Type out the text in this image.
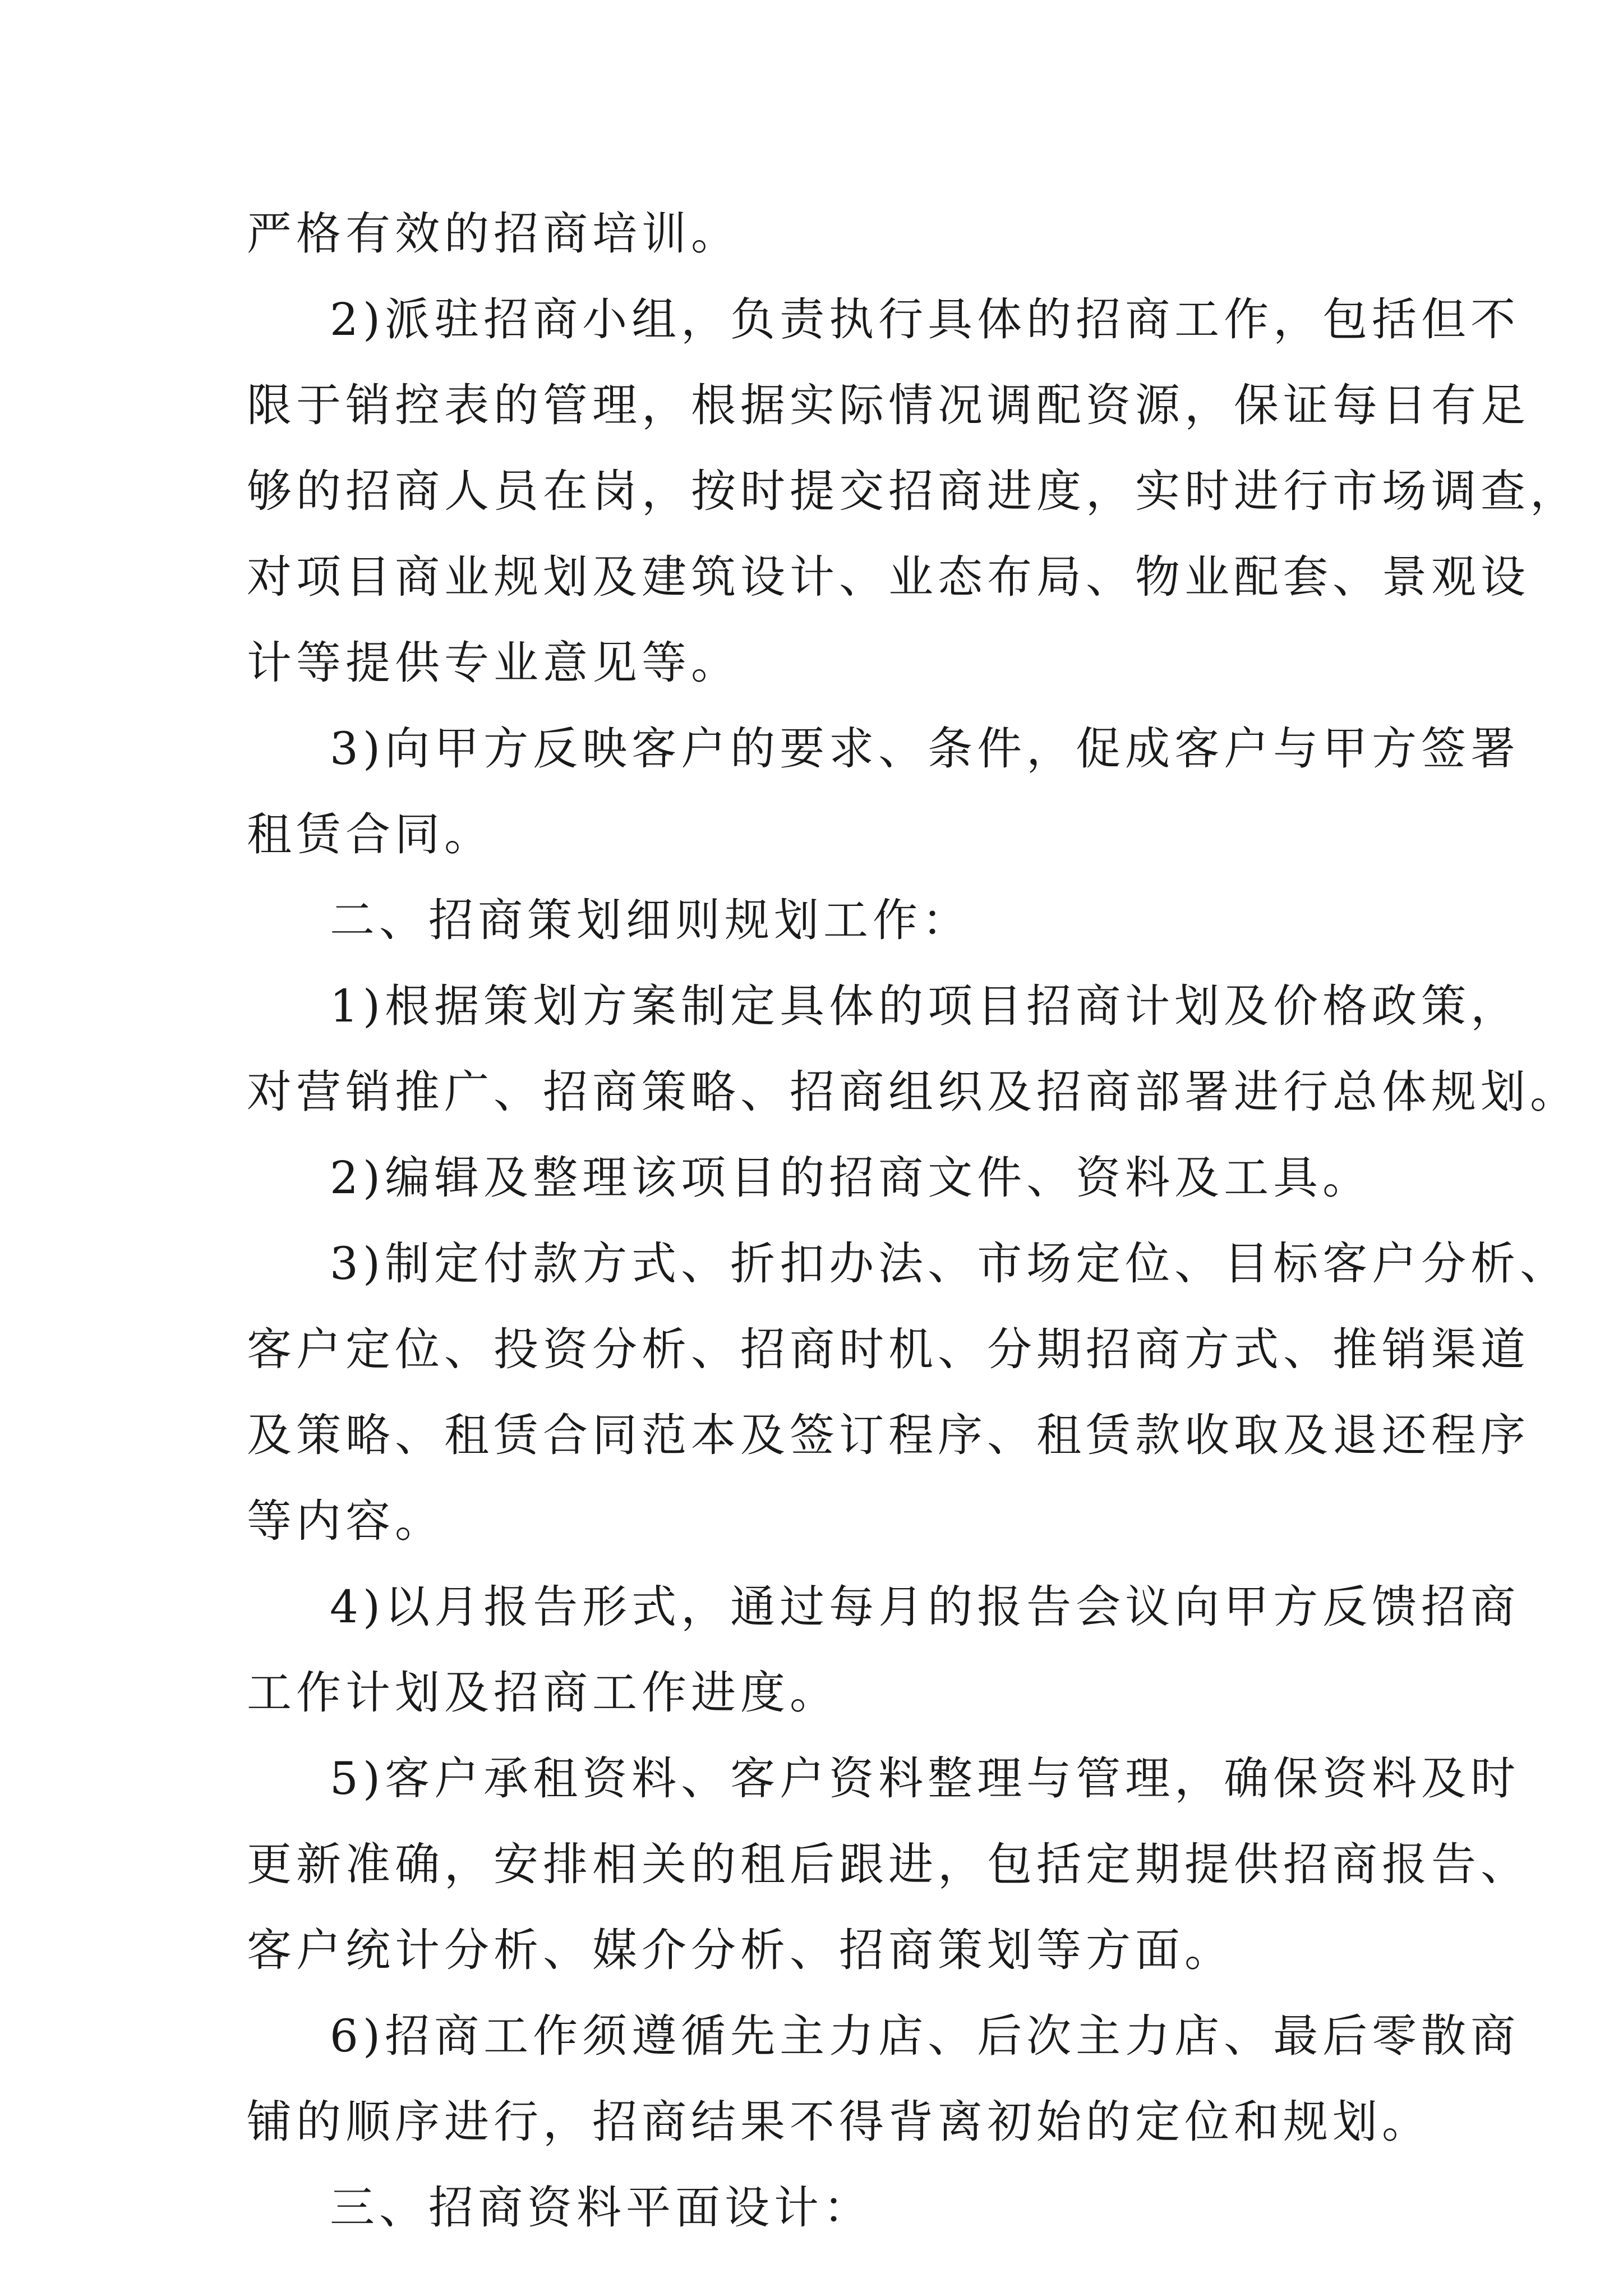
严格有效的招商培训。
2)派驻招商小组，负责执行具体的招商工作，包括但不
限于销控表的管理，根据实际情况调配资源，保证每日有足
够的招商人员在岗，按时提交招商进度，实时进行市场调查，
对项目商业规划及建筑设计、业态布局、物业配套、景观设
计等提供专业意见等。
3)向甲方反映客户的要求、条件，促成客户与甲方签署
租赁合同。
二、招商策划细则规划工作：
1)根据策划方案制定具体的项目招商计划及价格政策，
对营销推广、招商策略、招商组织及招商部署进行总体规划。
2)编辑及整理该项目的招商文件、资料及工具。
3)制定付款方式、折扣办法、市场定位、目标客户分析、
客户定位、投资分析、招商时机、分期招商方式、推销渠道
及策略、租赁合同范本及签订程序、租赁款收取及退还程序
等内容。
4)以月报告形式，通过每月的报告会议向甲方反馈招商
工作计划及招商工作进度。
5)客户承租资料、客户资料整理与管理，确保资料及时
更新准确，安排相关的租后跟进，包括定期提供招商报告、
客户统计分析、媒介分析、招商策划等方面。
6)招商工作须遵循先主力店、后次主力店、最后零散商
铺的顺序进行，招商结果不得背离初始的定位和规划。
三、招商资料平面设计：
